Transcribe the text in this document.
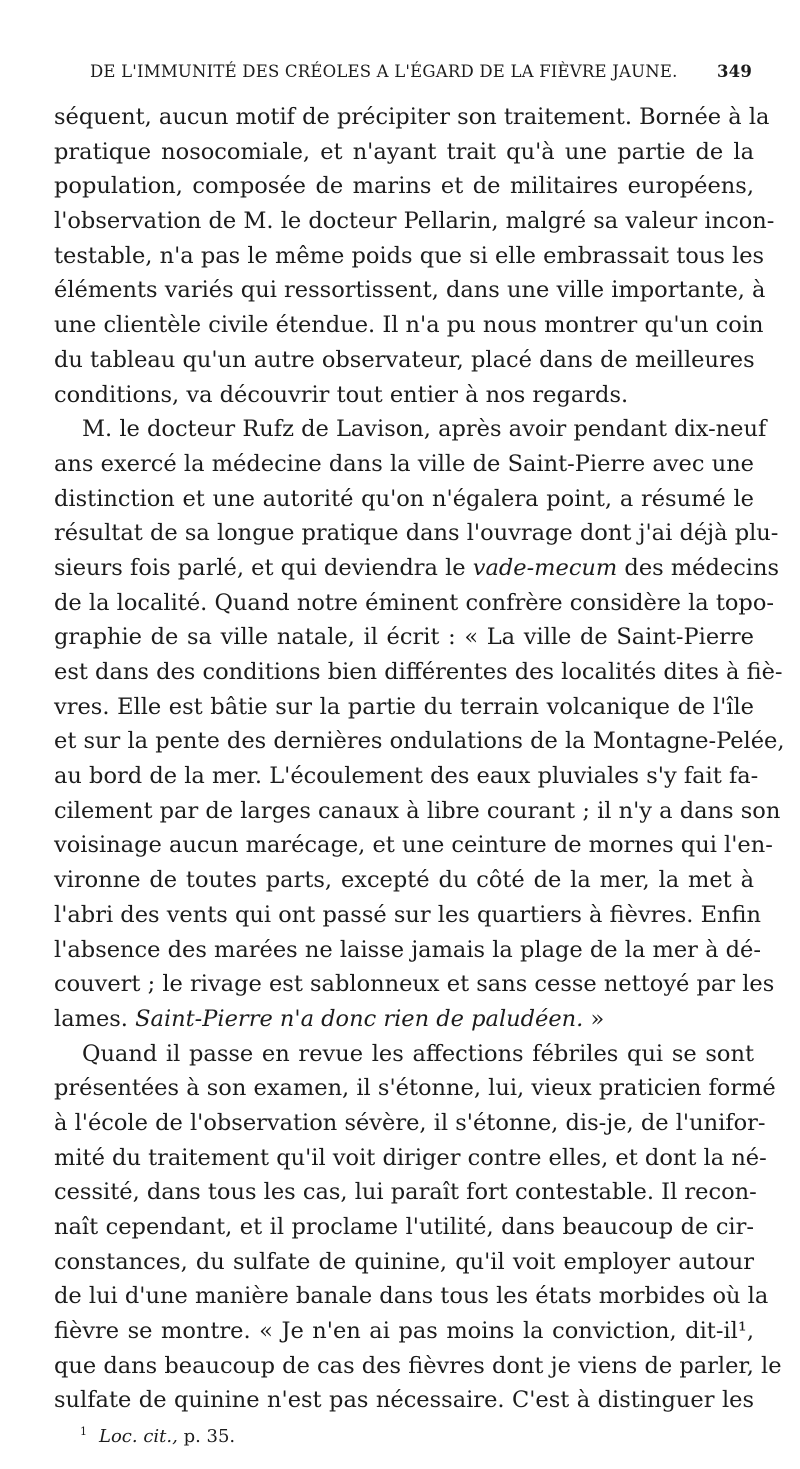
DE L'IMMUNITÉ DES CRÉOLES A L'ÉGARD DE LA FIÈVRE JAUNE. 349
séquent, aucun motif de précipiter son traitement. Bornée à la
pratique nosocomiale, et n'ayant trait qu'à une partie de la
population, composée de marins et de militaires européens,
l'observation de M. le docteur Pellarin, malgré sa valeur incon-
testable, n'a pas le même poids que si elle embrassait tous les
éléments variés qui ressortissent, dans une ville importante, à
une clientèle civile étendue. Il n'a pu nous montrer qu'un coin
du tableau qu'un autre observateur, placé dans de meilleures
conditions, va découvrir tout entier à nos regards.
M. le docteur Rufz de Lavison, après avoir pendant dix-neuf
ans exercé la médecine dans la ville de Saint-Pierre avec une
distinction et une autorité qu'on n'égalera point, a résumé le
résultat de sa longue pratique dans l'ouvrage dont j'ai déjà plu-
sieurs fois parlé, et qui deviendra le vade-mecum des médecins
de la localité. Quand notre éminent confrère considère la topo-
graphie de sa ville natale, il écrit : « La ville de Saint-Pierre
est dans des conditions bien différentes des localités dites à fiè-
vres. Elle est bâtie sur la partie du terrain volcanique de l'île
et sur la pente des dernières ondulations de la Montagne-Pelée,
au bord de la mer. L'écoulement des eaux pluviales s'y fait fa-
cilement par de larges canaux à libre courant ; il n'y a dans son
voisinage aucun marécage, et une ceinture de mornes qui l'en-
vironne de toutes parts, excepté du côté de la mer, la met à
l'abri des vents qui ont passé sur les quartiers à fièvres. Enfin
l'absence des marées ne laisse jamais la plage de la mer à dé-
couvert ; le rivage est sablonneux et sans cesse nettoyé par les
lames. Saint-Pierre n'a donc rien de paludéen. »
Quand il passe en revue les affections fébriles qui se sont
présentées à son examen, il s'étonne, lui, vieux praticien formé
à l'école de l'observation sévère, il s'étonne, dis-je, de l'unifor-
mité du traitement qu'il voit diriger contre elles, et dont la né-
cessité, dans tous les cas, lui paraît fort contestable. Il recon-
naît cependant, et il proclame l'utilité, dans beaucoup de cir-
constances, du sulfate de quinine, qu'il voit employer autour
de lui d'une manière banale dans tous les états morbides où la
fièvre se montre. « Je n'en ai pas moins la conviction, dit-il¹,
que dans beaucoup de cas des fièvres dont je viens de parler, le
sulfate de quinine n'est pas nécessaire. C'est à distinguer les
$^1$ Loc. cit., p. 35.
